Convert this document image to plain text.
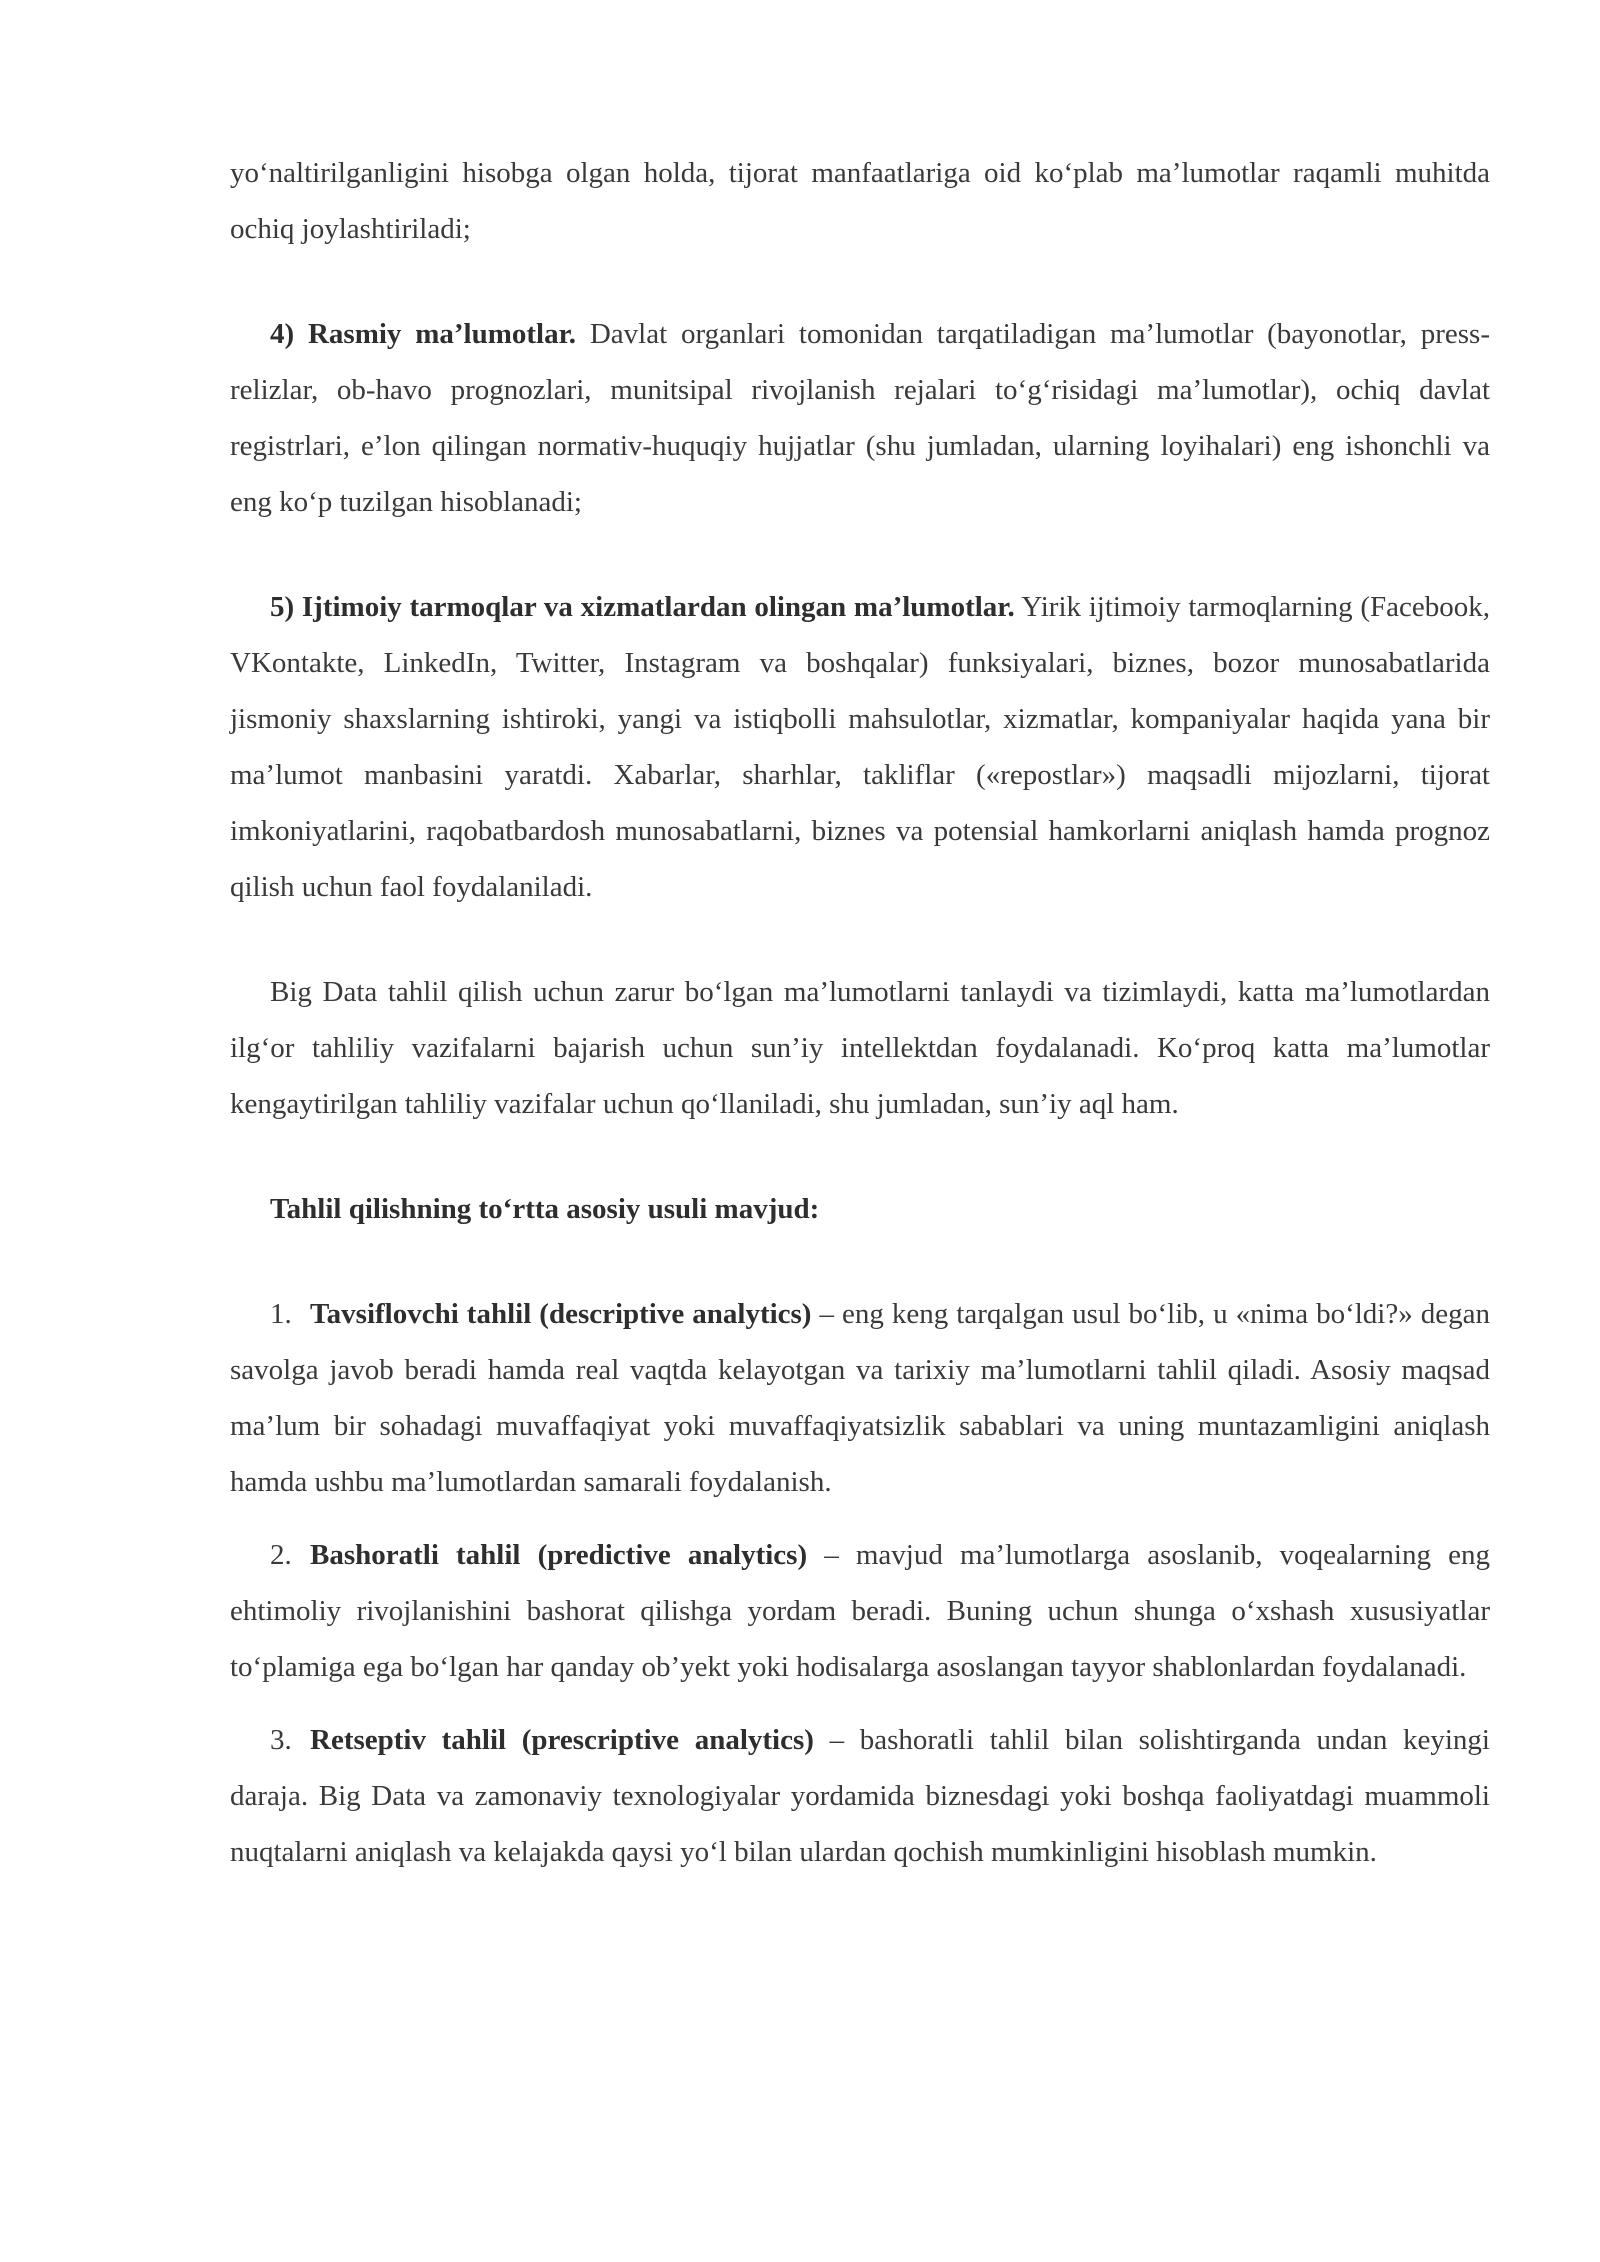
yo‘naltirilganligini hisobga olgan holda, tijorat manfaatlariga oid ko‘plab ma’lumotlar raqamli muhitda ochiq joylashtiriladi;

4) Rasmiy ma’lumotlar. Davlat organlari tomonidan tarqatiladigan ma’lumotlar (bayonotlar, press-relizlar, ob-havo prognozlari, munitsipal rivojlanish rejalari to‘g‘risidagi ma’lumotlar), ochiq davlat registrlari, e’lon qilingan normativ-huquqiy hujjatlar (shu jumladan, ularning loyihalari) eng ishonchli va eng ko‘p tuzilgan hisoblanadi;

5) Ijtimoiy tarmoqlar va xizmatlardan olingan ma’lumotlar. Yirik ijtimoiy tarmoqlarning (Facebook, VKontakte, LinkedIn, Twitter, Instagram va boshqalar) funksiyalari, biznes, bozor munosabatlarida jismoniy shaxslarning ishtiroki, yangi va istiqbolli mahsulotlar, xizmatlar, kompaniyalar haqida yana bir ma’lumot manbasini yaratdi. Xabarlar, sharhlar, takliflar («repostlar») maqsadli mijozlarni, tijorat imkoniyatlarini, raqobatbardosh munosabatlarni, biznes va potensial hamkorlarni aniqlash hamda prognoz qilish uchun faol foydalaniladi.

Big Data tahlil qilish uchun zarur bo‘lgan ma’lumotlarni tanlaydi va tizimlaydi, katta ma’lumotlardan ilg‘or tahliliy vazifalarni bajarish uchun sun’iy intellektdan foydalanadi. Ko‘proq katta ma’lumotlar kengaytirilgan tahliliy vazifalar uchun qo‘llaniladi, shu jumladan, sun’iy aql ham.

Tahlil qilishning to‘rtta asosiy usuli mavjud:

1. Tavsiflovchi tahlil (descriptive analytics) – eng keng tarqalgan usul bo‘lib, u «nima bo‘ldi?» degan savolga javob beradi hamda real vaqtda kelayotgan va tarixiy ma’lumotlarni tahlil qiladi. Asosiy maqsad ma’lum bir sohadagi muvaffaqiyat yoki muvaffaqiyatsizlik sabablari va uning muntazamligini aniqlash hamda ushbu ma’lumotlardan samarali foydalanish.

2. Bashoratli tahlil (predictive analytics) – mavjud ma’lumotlarga asoslanib, voqealarning eng ehtimoliy rivojlanishini bashorat qilishga yordam beradi. Buning uchun shunga o‘xshash xususiyatlar to‘plamiga ega bo‘lgan har qanday ob’yekt yoki hodisalarga asoslangan tayyor shablonlardan foydalanadi.

3. Retseptiv tahlil (prescriptive analytics) – bashoratli tahlil bilan solishtirganda undan keyingi daraja. Big Data va zamonaviy texnologiyalar yordamida biznesdagi yoki boshqa faoliyatdagi muammoli nuqtalarni aniqlash va kelajakda qaysi yo‘l bilan ulardan qochish mumkinligini hisoblash mumkin.
